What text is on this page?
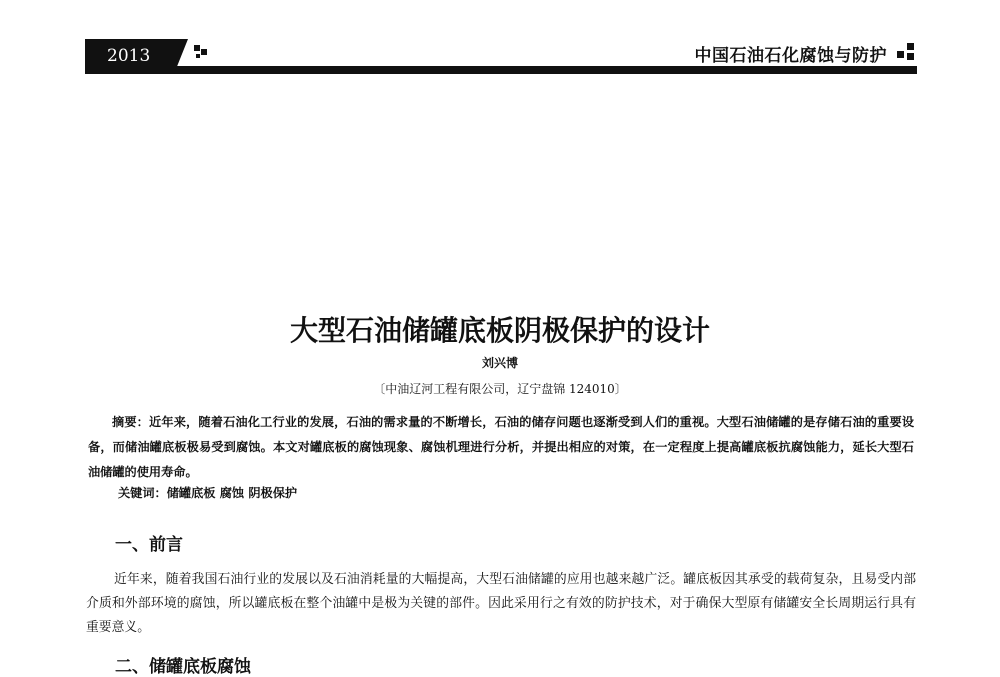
2013	中国石油石化腐蚀与防护
大型石油储罐底板阴极保护的设计
刘兴博
〔中油辽河工程有限公司，辽宁盘锦 124010〕
摘要：近年来，随着石油化工行业的发展，石油的需求量的不断增长，石油的储存问题也逐渐受到人们的重视。大型石油储罐的是存储石油的重要设备，而储油罐底板极易受到腐蚀。本文对罐底板的腐蚀现象、腐蚀机理进行分析，并提出相应的对策，在一定程度上提高罐底板抗腐蚀能力，延长大型石油储罐的使用寿命。
关键词：储罐底板 腐蚀 阴极保护
一、前言
近年来，随着我国石油行业的发展以及石油消耗量的大幅提高，大型石油储罐的应用也越来越广泛。罐底板因其承受的载荷复杂，且易受内部介质和外部环境的腐蚀，所以罐底板在整个油罐中是极为关键的部件。因此采用行之有效的防护技术，对于确保大型原有储罐安全长周期运行具有重要意义。
二、储罐底板腐蚀
